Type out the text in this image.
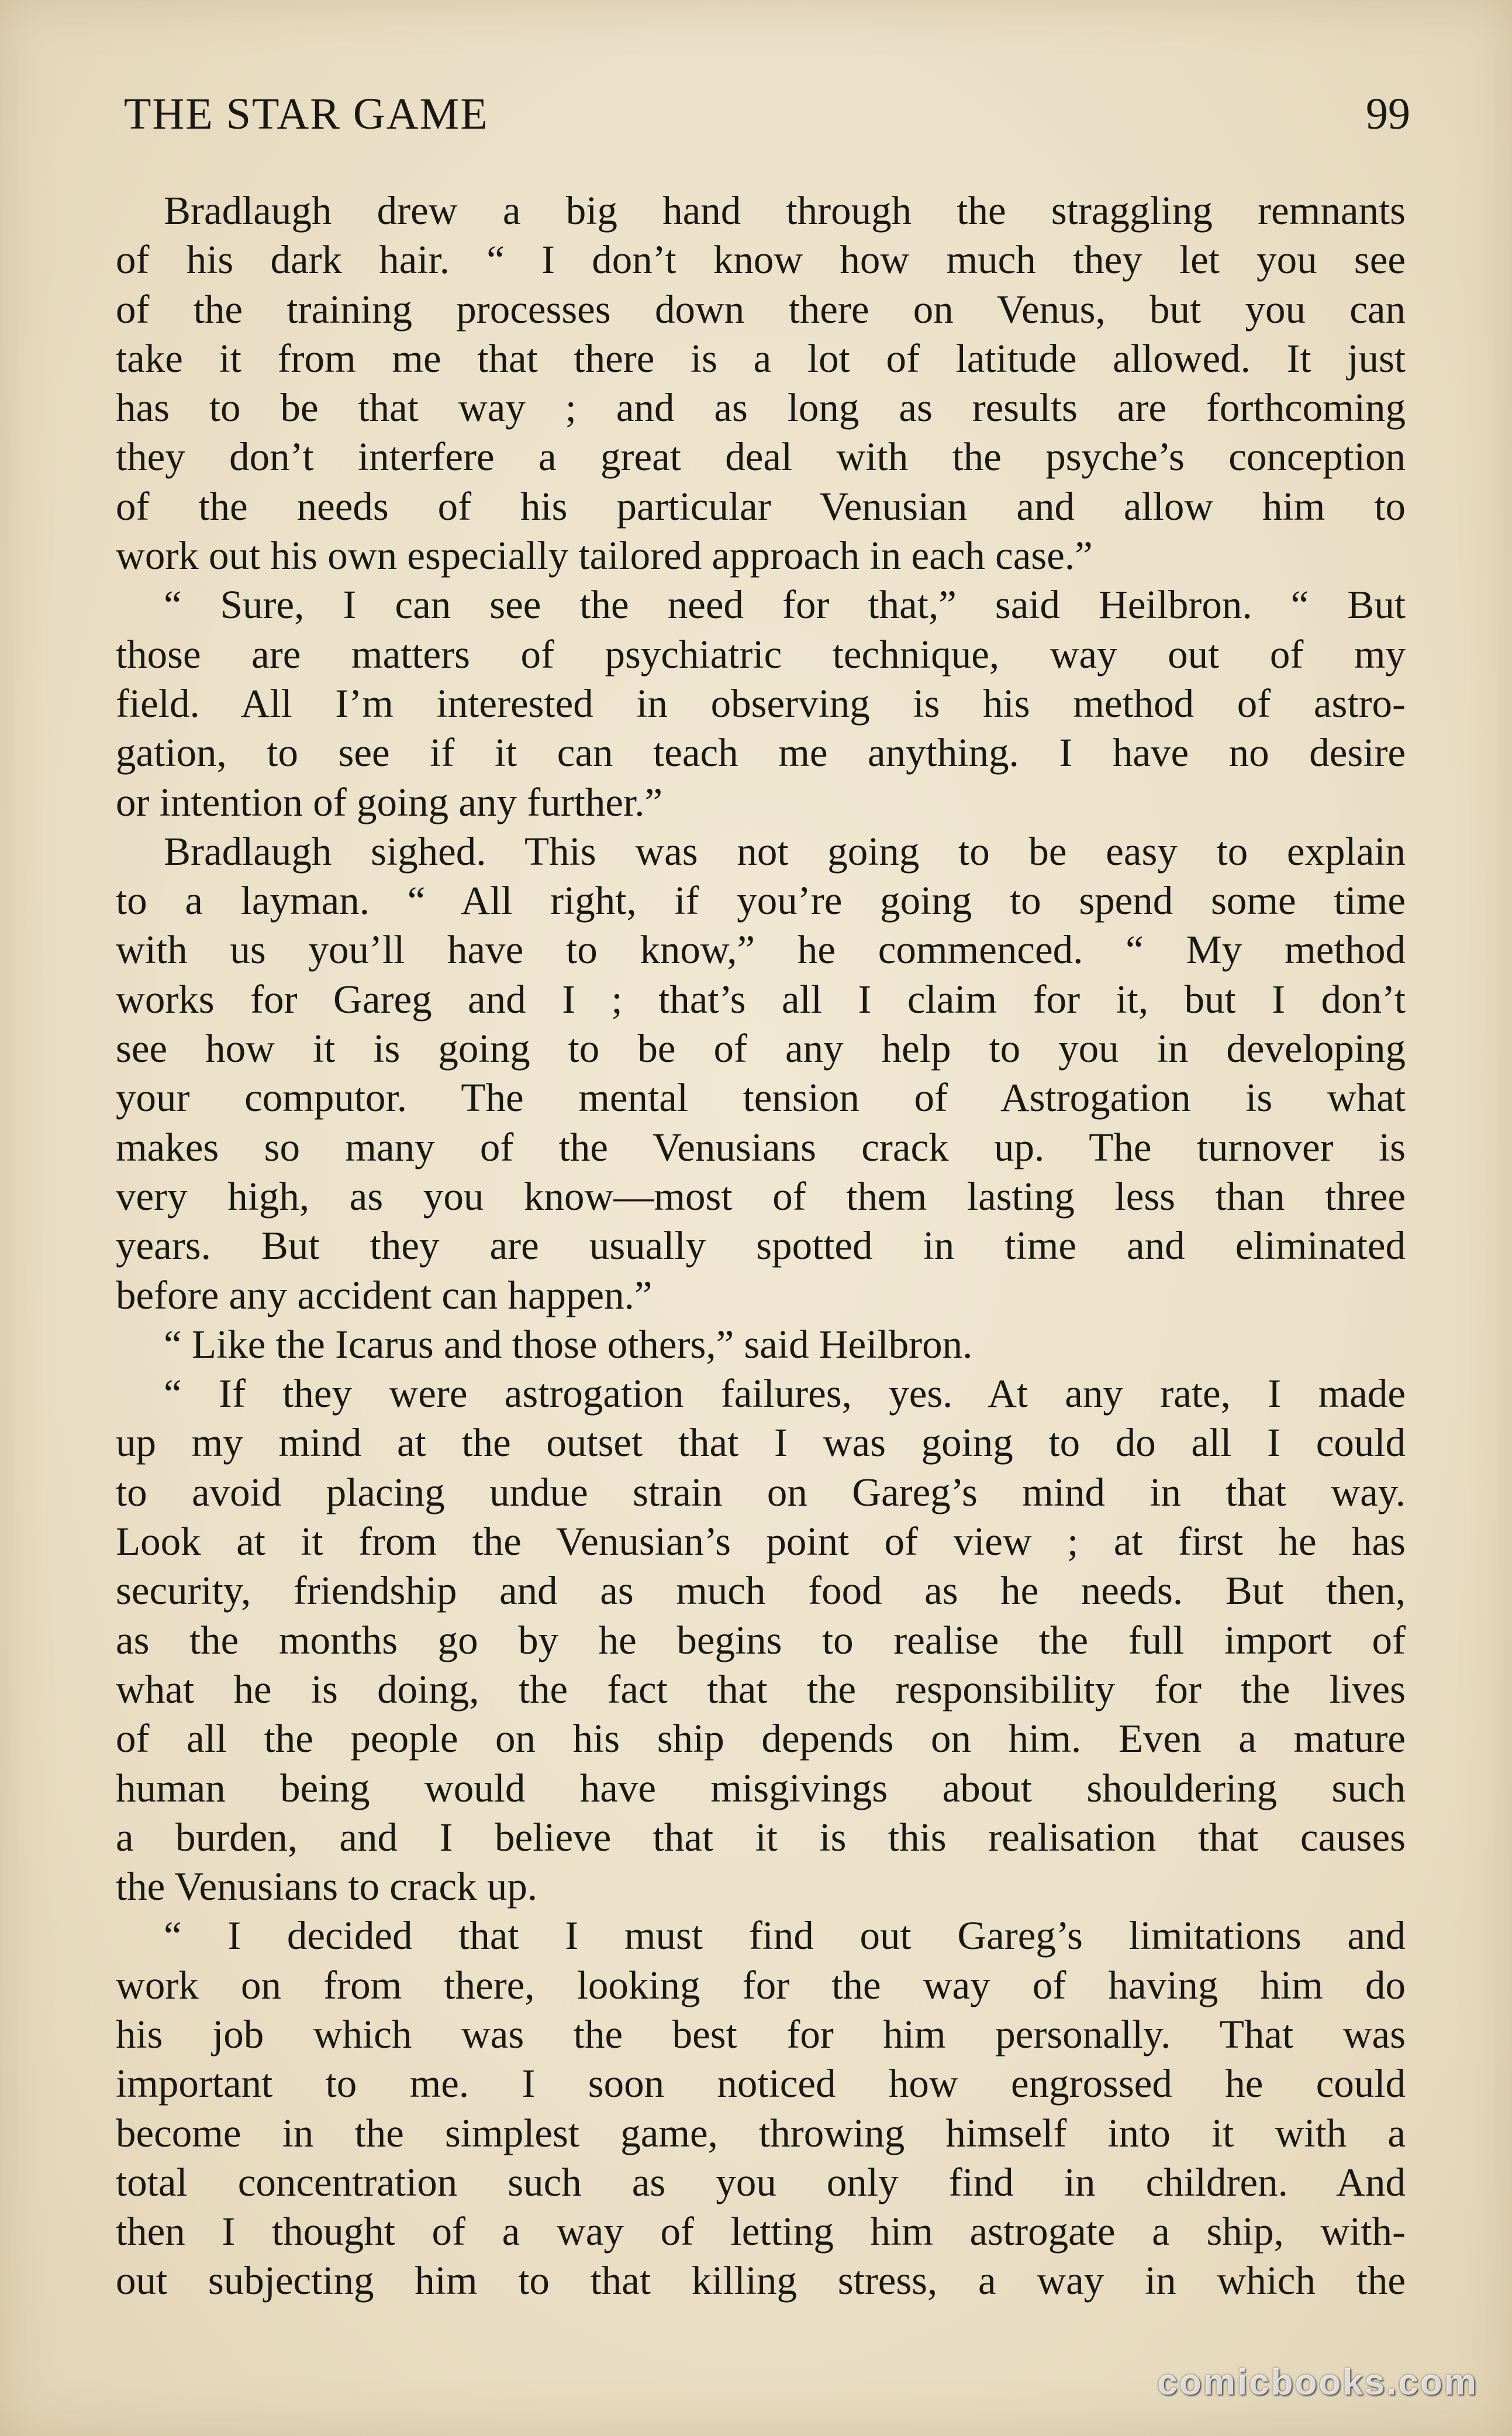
THE STAR GAME	99

Bradlaugh drew a big hand through the straggling remnants
of his dark hair. “ I don’t know how much they let you see
of the training processes down there on Venus, but you can
take it from me that there is a lot of latitude allowed. It just
has to be that way ; and as long as results are forthcoming
they don’t interfere a great deal with the psyche’s conception
of the needs of his particular Venusian and allow him to
work out his own especially tailored approach in each case.”

“ Sure, I can see the need for that,” said Heilbron. “ But
those are matters of psychiatric technique, way out of my
field. All I’m interested in observing is his method of astro-
gation, to see if it can teach me anything. I have no desire
or intention of going any further.”

Bradlaugh sighed. This was not going to be easy to explain
to a layman. “ All right, if you’re going to spend some time
with us you’ll have to know,” he commenced. “ My method
works for Gareg and I ; that’s all I claim for it, but I don’t
see how it is going to be of any help to you in developing
your computor. The mental tension of Astrogation is what
makes so many of the Venusians crack up. The turnover is
very high, as you know—most of them lasting less than three
years. But they are usually spotted in time and eliminated
before any accident can happen.”

“ Like the Icarus and those others,” said Heilbron.

“ If they were astrogation failures, yes. At any rate, I made
up my mind at the outset that I was going to do all I could
to avoid placing undue strain on Gareg’s mind in that way.
Look at it from the Venusian’s point of view ; at first he has
security, friendship and as much food as he needs. But then,
as the months go by he begins to realise the full import of
what he is doing, the fact that the responsibility for the lives
of all the people on his ship depends on him. Even a mature
human being would have misgivings about shouldering such
a burden, and I believe that it is this realisation that causes
the Venusians to crack up.

“ I decided that I must find out Gareg’s limitations and
work on from there, looking for the way of having him do
his job which was the best for him personally. That was
important to me. I soon noticed how engrossed he could
become in the simplest game, throwing himself into it with a
total concentration such as you only find in children. And
then I thought of a way of letting him astrogate a ship, with-
out subjecting him to that killing stress, a way in which the

comicbooks.com
